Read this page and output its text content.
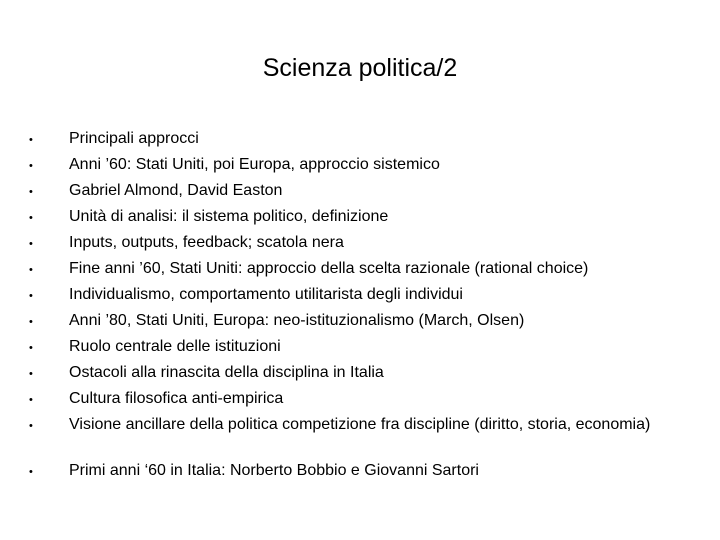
Scienza politica/2
• Principali approcci
• Anni ’60: Stati Uniti, poi Europa, approccio sistemico
• Gabriel Almond, David Easton
• Unità di analisi: il sistema politico, definizione
• Inputs, outputs, feedback; scatola nera
• Fine anni ’60, Stati Uniti: approccio della scelta razionale (rational choice)
• Individualismo, comportamento utilitarista degli individui
• Anni ’80, Stati Uniti, Europa: neo-istituzionalismo (March, Olsen)
• Ruolo centrale delle istituzioni
• Ostacoli alla rinascita della disciplina in Italia
• Cultura filosofica anti-empirica
• Visione ancillare della politica competizione fra discipline (diritto, storia, economia)
• Primi anni ‘60 in Italia: Norberto Bobbio e Giovanni Sartori
